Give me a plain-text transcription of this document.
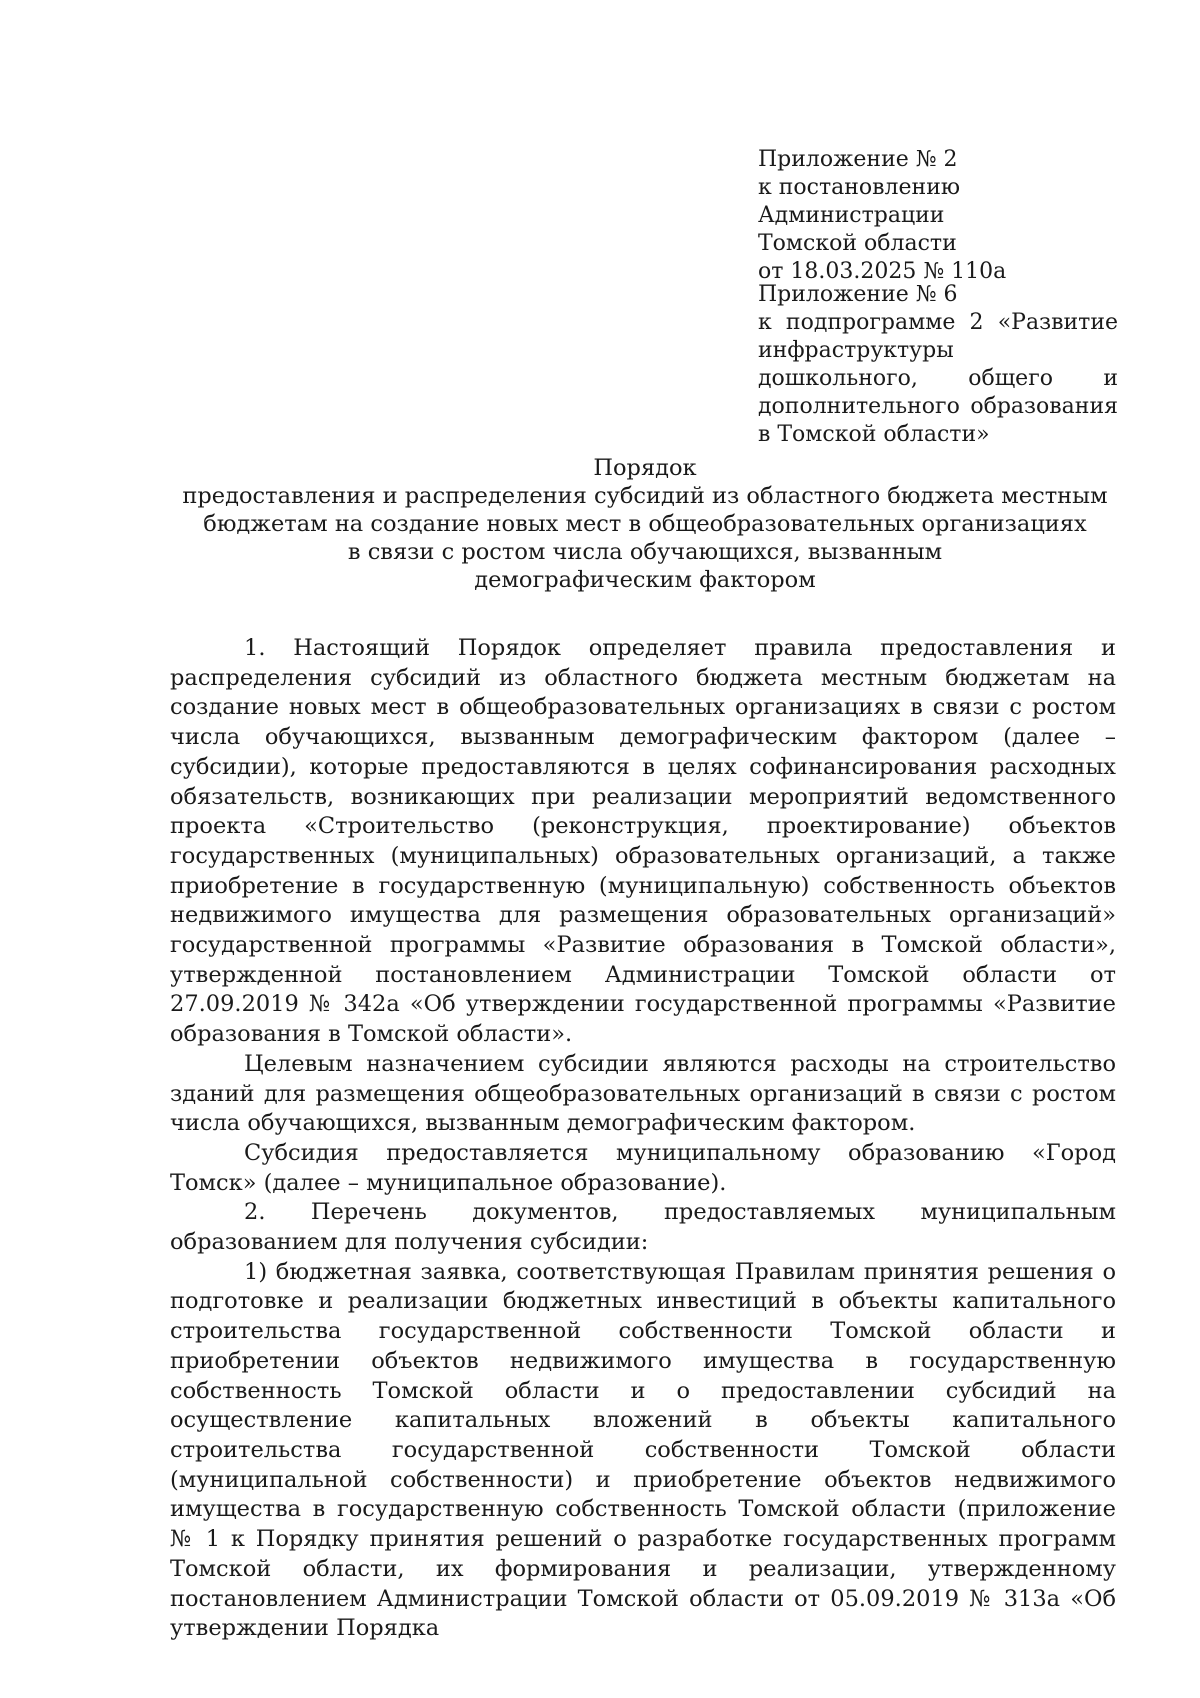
Приложение № 2

к постановлению Администрации

Томской области

от 18.03.2025 № 110а

Приложение № 6

к подпрограмме 2 «Развитие инфраструктуры дошкольного, общего и дополнительного образования в Томской области»

Порядок
предоставления и распределения субсидий из областного бюджета местным
бюджетам на создание новых мест в общеобразовательных организациях
в связи с ростом числа обучающихся, вызванным
демографическим фактором

1. Настоящий Порядок определяет правила предоставления и распределения субсидий из областного бюджета местным бюджетам на создание новых мест в общеобразовательных организациях в связи с ростом числа обучающихся, вызванным демографическим фактором (далее – субсидии), которые предоставляются в целях софинансирования расходных обязательств, возникающих при реализации мероприятий ведомственного проекта «Строительство (реконструкция, проектирование) объектов государственных (муниципальных) образовательных организаций, а также приобретение в государственную (муниципальную) собственность объектов недвижимого имущества для размещения образовательных организаций» государственной программы «Развитие образования в Томской области», утвержденной постановлением Администрации Томской области от 27.09.2019 № 342а «Об утверждении государственной программы «Развитие образования в Томской области».

Целевым назначением субсидии являются расходы на строительство зданий для размещения общеобразовательных организаций в связи с ростом числа обучающихся, вызванным демографическим фактором.

Субсидия предоставляется муниципальному образованию «Город Томск» (далее – муниципальное образование).

2. Перечень документов, предоставляемых муниципальным образованием для получения субсидии:

1) бюджетная заявка, соответствующая Правилам принятия решения о подготовке и реализации бюджетных инвестиций в объекты капитального строительства государственной собственности Томской области и приобретении объектов недвижимого имущества в государственную собственность Томской области и о предоставлении субсидий на осуществление капитальных вложений в объекты капитального строительства государственной собственности Томской области (муниципальной собственности) и приобретение объектов недвижимого имущества в государственную собственность Томской области (приложение № 1 к Порядку принятия решений о разработке государственных программ Томской области, их формирования и реализации, утвержденному постановлением Администрации Томской области от 05.09.2019 № 313а «Об утверждении Порядка
